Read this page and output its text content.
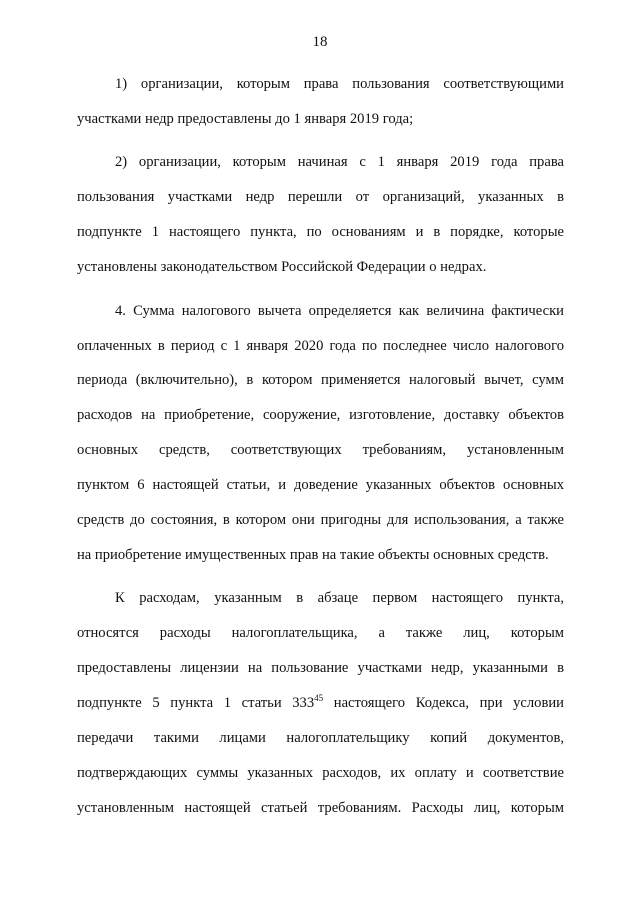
18
1) организации, которым права пользования соответствующими
участками недр предоставлены до 1 января 2019 года;
2) организации, которым начиная с 1 января 2019 года права
пользования участками недр перешли от организаций, указанных в
подпункте 1 настоящего пункта, по основаниям и в порядке, которые
установлены законодательством Российской Федерации о недрах.
4. Сумма налогового вычета определяется как величина фактически
оплаченных в период с 1 января 2020 года по последнее число налогового
периода (включительно), в котором применяется налоговый вычет, сумм
расходов на приобретение, сооружение, изготовление, доставку объектов
основных средств, соответствующих требованиям, установленным
пунктом 6 настоящей статьи, и доведение указанных объектов основных
средств до состояния, в котором они пригодны для использования, а также
на приобретение имущественных прав на такие объекты основных средств.
К расходам, указанным в абзаце первом настоящего пункта,
относятся расходы налогоплательщика, а также лиц, которым
предоставлены лицензии на пользование участками недр, указанными в
подпункте 5 пункта 1 статьи $333^{45}$ настоящего Кодекса, при условии
передачи такими лицами налогоплательщику копий документов,
подтверждающих суммы указанных расходов, их оплату и соответствие
установленным настоящей статьей требованиям. Расходы лиц, которым
